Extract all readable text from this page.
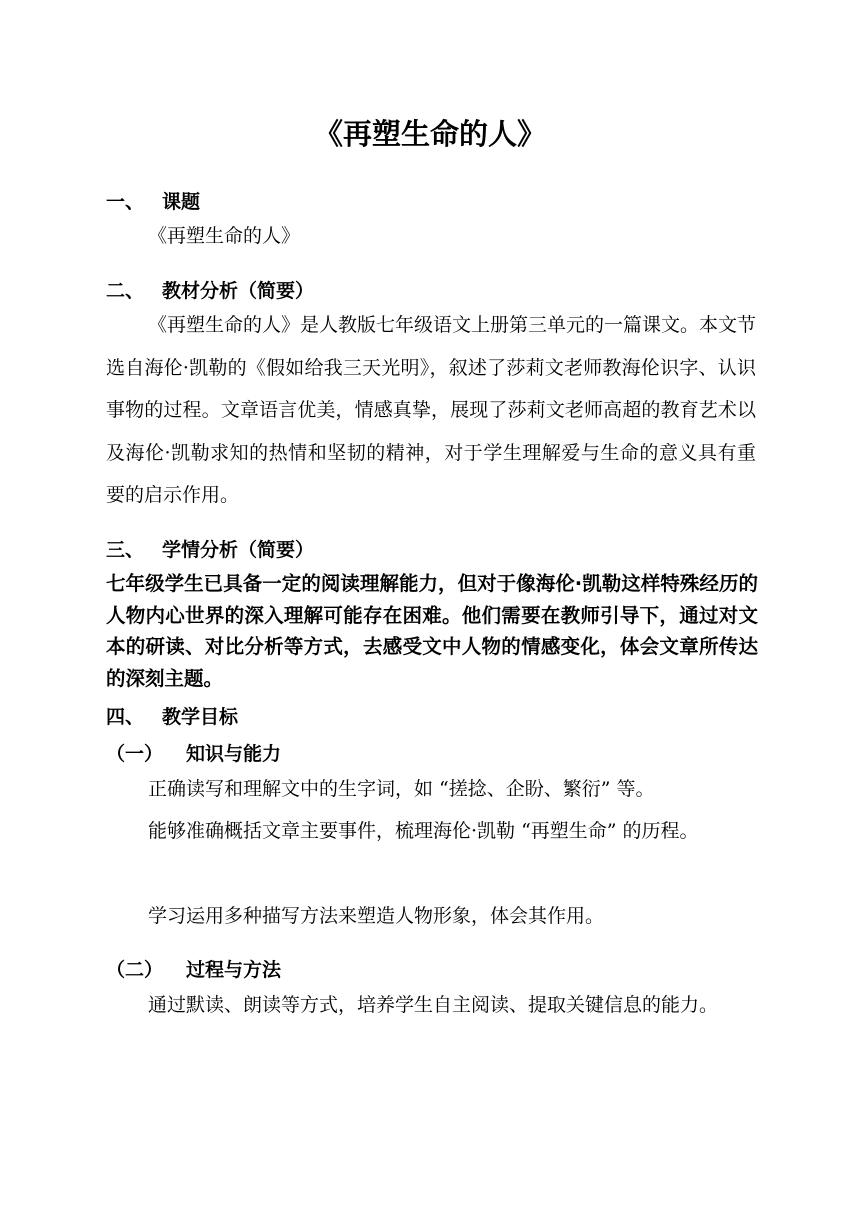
《再塑生命的人》
一、 课题
《再塑生命的人》
二、 教材分析（简要）
《再塑生命的人》是人教版七年级语文上册第三单元的一篇课文。本文节选自海伦·凯勒的《假如给我三天光明》，叙述了莎莉文老师教海伦识字、认识事物的过程。文章语言优美，情感真挚，展现了莎莉文老师高超的教育艺术以及海伦·凯勒求知的热情和坚韧的精神，对于学生理解爱与生命的意义具有重要的启示作用。
三、 学情分析（简要）
七年级学生已具备一定的阅读理解能力，但对于像海伦·凯勒这样特殊经历的人物内心世界的深入理解可能存在困难。他们需要在教师引导下，通过对文本的研读、对比分析等方式，去感受文中人物的情感变化，体会文章所传达的深刻主题。
四、 教学目标
（一） 知识与能力
正确读写和理解文中的生字词，如 “搓捻、企盼、繁衍” 等。
能够准确概括文章主要事件，梳理海伦·凯勒 “再塑生命” 的历程。
学习运用多种描写方法来塑造人物形象，体会其作用。
（二） 过程与方法
通过默读、朗读等方式，培养学生自主阅读、提取关键信息的能力。
